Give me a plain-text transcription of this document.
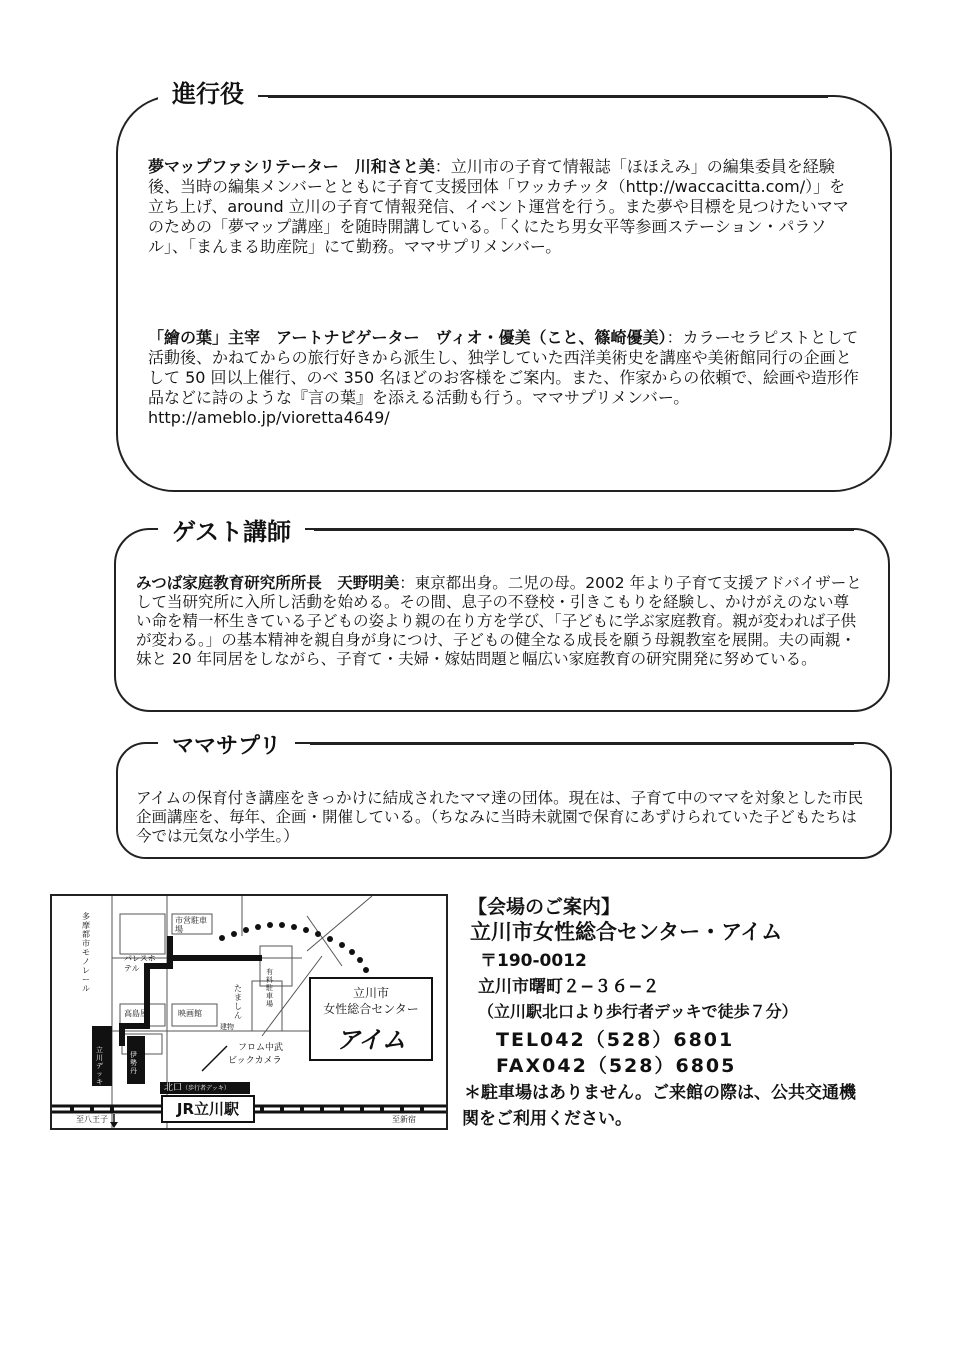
進行役
夢マップファシリテーター　川和さと美：立川市の子育て情報誌「ほほえみ」の編集委員を経験後、当時の編集メンバーとともに子育て支援団体「ワッカチッタ（http://waccacitta.com/）」を立ち上げ、around 立川の子育て情報発信、イベント運営を行う。また夢や目標を見つけたいママのための「夢マップ講座」を随時開講している。「くにたち男女平等参画ステーション・パラソル」、「まんまる助産院」にて勤務。ママサプリメンバー。
「繪の葉」主宰　アートナビゲーター　ヴィオ・優美（こと、篠崎優美）：カラーセラピストとして活動後、かねてからの旅行好きから派生し、独学していた西洋美術史を講座や美術館同行の企画として 50 回以上催行、のべ 350 名ほどのお客様をご案内。また、作家からの依頼で、絵画や造形作品などに詩のような『言の葉』を添える活動も行う。ママサプリメンバー。http://ameblo.jp/vioretta4649/
ゲスト講師
みつば家庭教育研究所所長　天野明美：東京都出身。二児の母。2002 年より子育て支援アドバイザーとして当研究所に入所し活動を始める。その間、息子の不登校・引きこもりを経験し、かけがえのない尊い命を精一杯生きている子どもの姿より親の在り方を学び、「子どもに学ぶ家庭教育。親が変われば子供が変わる。」の基本精神を親自身が身につけ、子どもの健全なる成長を願う母親教室を展開。夫の両親・妹と 20 年同居をしながら、子育て・夫婦・嫁姑問題と幅広い家庭教育の研究開発に努めている。
ママサプリ
アイムの保育付き講座をきっかけに結成されたママ達の団体。現在は、子育て中のママを対象とした市民企画講座を、毎年、企画・開催している。（ちなみに当時未就園で保育にあずけられていた子どもたちは今では元気な小学生。）
多摩都市モノレール
市営駐車場
パレスホテル
高島屋	映画館
たましん
有料駐車場
建物
フロム中武
ビックカメラ
立川デッキ
伊勢丹
北口（歩行者デッキ）
JR立川駅
至八王子	至新宿
立川市
女性総合センター
アイム
【会場のご案内】
立川市女性総合センター・アイム
〒190-0012
立川市曙町２−３６−２
（立川駅北口より歩行者デッキで徒歩７分）
TEL042（528）6801
FAX042（528）6805
＊駐車場はありません。ご来館の際は、公共交通機
関をご利用ください。
